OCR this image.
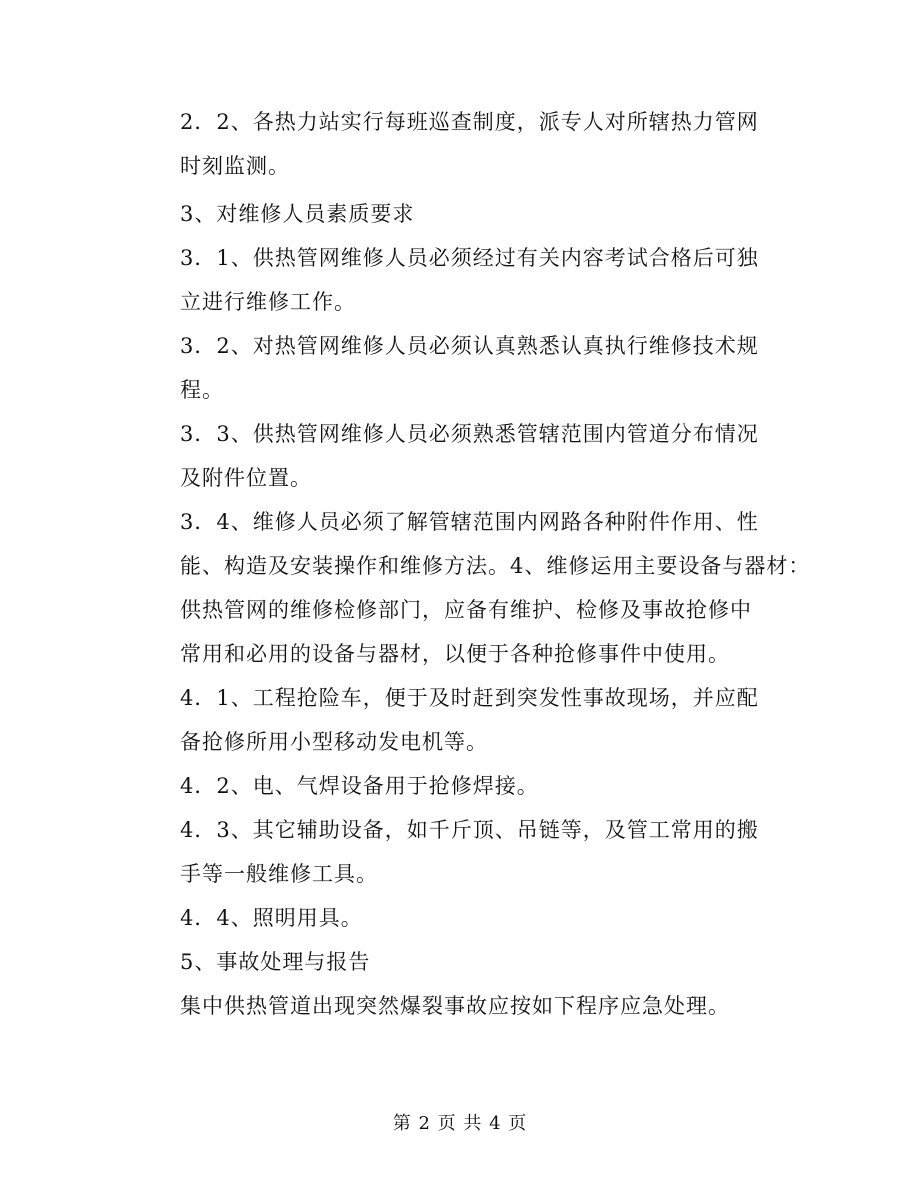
2．2、各热力站实行每班巡查制度，派专人对所辖热力管网
时刻监测。
3、对维修人员素质要求
3．1、供热管网维修人员必须经过有关内容考试合格后可独
立进行维修工作。
3．2、对热管网维修人员必须认真熟悉认真执行维修技术规
程。
3．3、供热管网维修人员必须熟悉管辖范围内管道分布情况
及附件位置。
3．4、维修人员必须了解管辖范围内网路各种附件作用、性
能、构造及安装操作和维修方法。4、维修运用主要设备与器材：
供热管网的维修检修部门，应备有维护、检修及事故抢修中
常用和必用的设备与器材，以便于各种抢修事件中使用。
4．1、工程抢险车，便于及时赶到突发性事故现场，并应配
备抢修所用小型移动发电机等。
4．2、电、气焊设备用于抢修焊接。
4．3、其它辅助设备，如千斤顶、吊链等，及管工常用的搬
手等一般维修工具。
4．4、照明用具。
5、事故处理与报告
集中供热管道出现突然爆裂事故应按如下程序应急处理。
第 2 页 共 4 页
